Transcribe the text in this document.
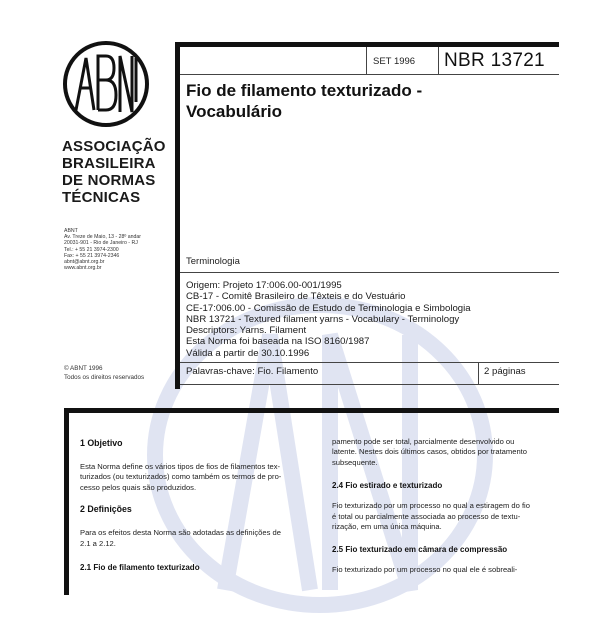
ASSOCIAÇÃO
BRASILEIRA
DE NORMAS
TÉCNICAS
ABNT
Av. Treze de Maio, 13 - 28º andar
20031-901 - Rio de Janeiro - RJ
Tel.: + 55 21 3974-2300
Fax: + 55 21 3974-2346
abnt@abnt.org.br
www.abnt.org.br
© ABNT 1996
Todos os direitos reservados
SET 1996 NBR 13721
Fio de filamento texturizado -
Vocabulário
Terminologia
Origem: Projeto 17:006.00-001/1995
CB-17 - Comitê Brasileiro de Têxteis e do Vestuário
CE-17:006.00 - Comissão de Estudo de Terminologia e Simbologia
NBR 13721 - Textured filament yarns - Vocabulary - Terminology
Descriptors: Yarns. Filament
Esta Norma foi baseada na ISO 8160/1987
Válida a partir de 30.10.1996
Palavras-chave: Fio. Filamento	2 páginas
1 Objetivo
Esta Norma define os vários tipos de fios de filamentos tex-
turizados (ou texturizados) como também os termos de pro-
cesso pelos quais são produzidos.
2 Definições
Para os efeitos desta Norma são adotadas as definições de
2.1 a 2.12.
2.1 Fio de filamento texturizado
pamento pode ser total, parcialmente desenvolvido ou
latente. Nestes dois últimos casos, obtidos por tratamento
subsequente.
2.4 Fio estirado e texturizado
Fio texturizado por um processo no qual a estiragem do fio
é total ou parcialmente associada ao processo de textu-
rização, em uma única máquina.
2.5 Fio texturizado em câmara de compressão
Fio texturizado por um processo no qual ele é sobreali-
